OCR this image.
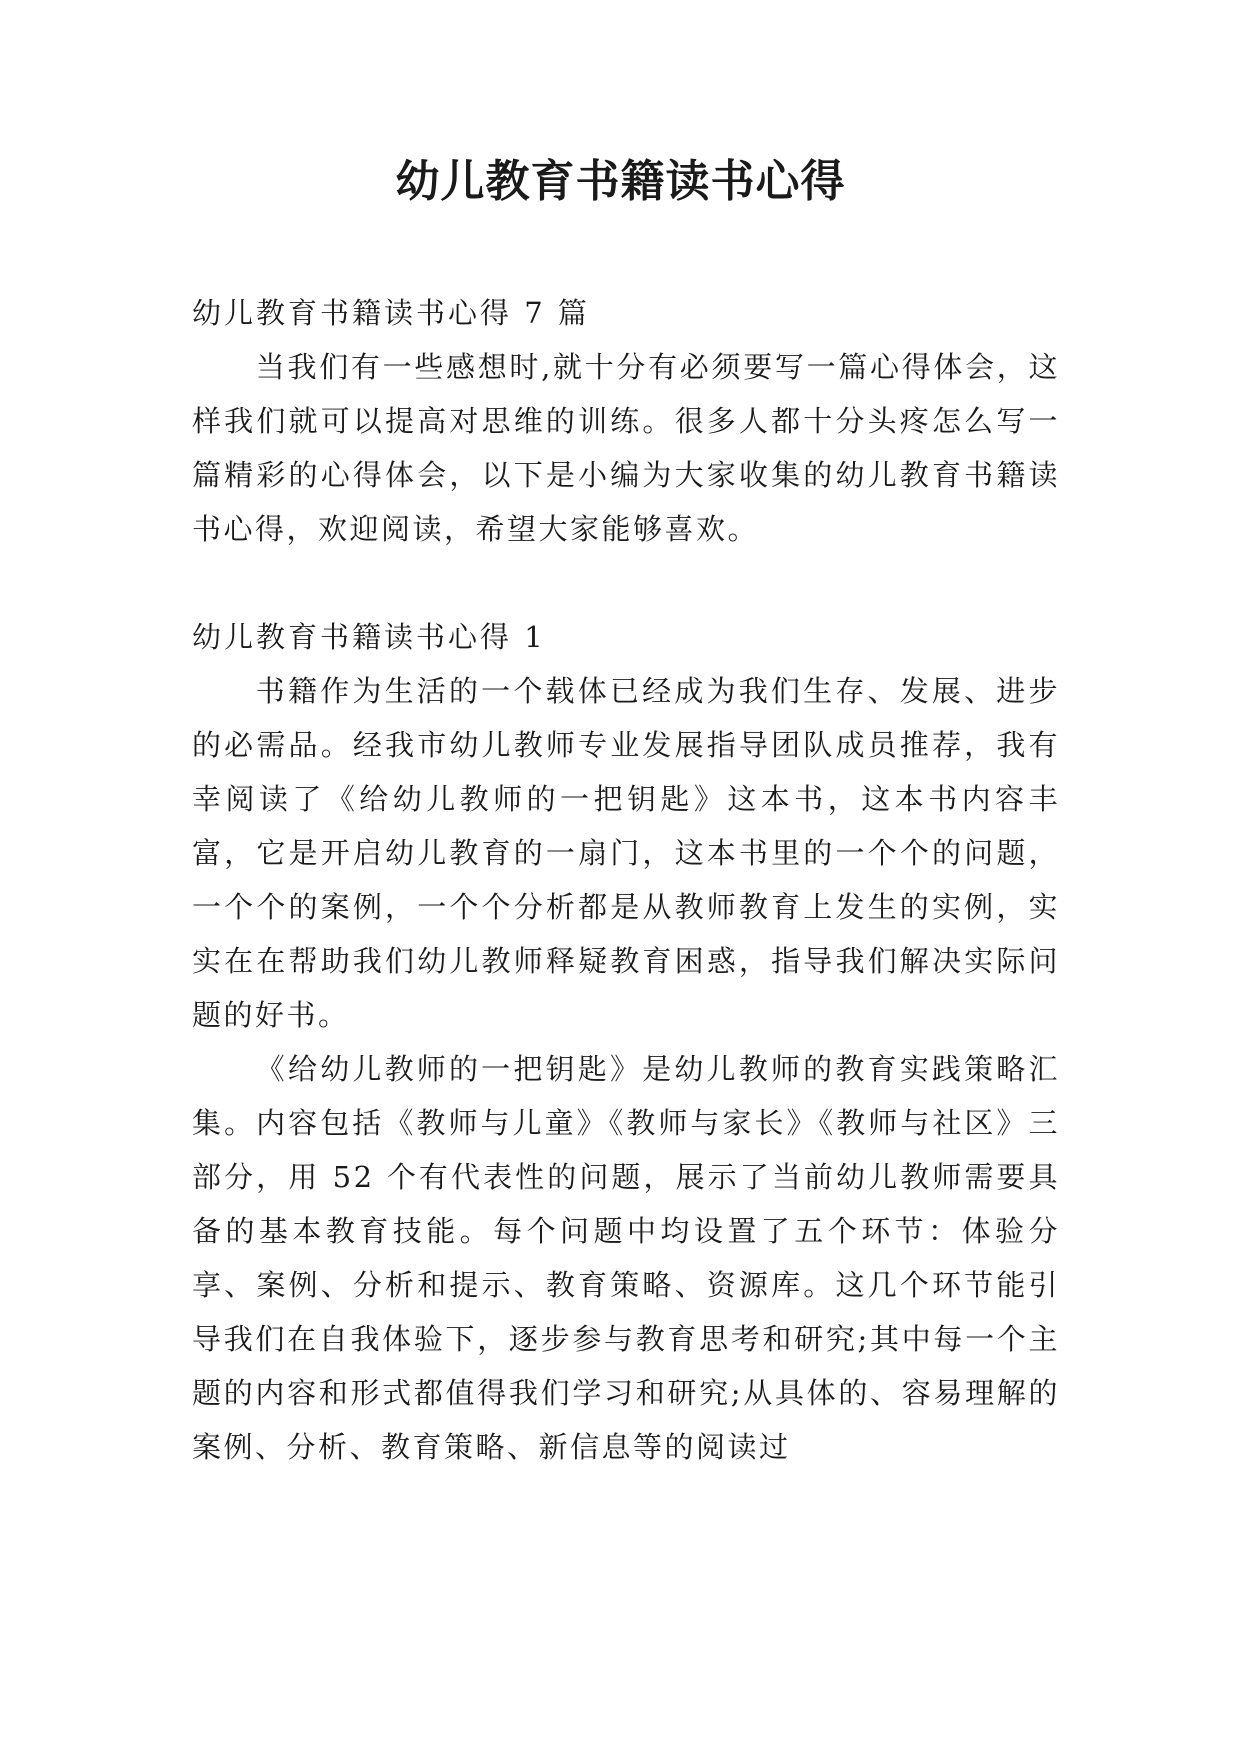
幼儿教育书籍读书心得

幼儿教育书籍读书心得 7 篇

当我们有一些感想时,就十分有必须要写一篇心得体会，这样我们就可以提高对思维的训练。很多人都十分头疼怎么写一篇精彩的心得体会，以下是小编为大家收集的幼儿教育书籍读书心得，欢迎阅读，希望大家能够喜欢。

幼儿教育书籍读书心得 1

书籍作为生活的一个载体已经成为我们生存、发展、进步的必需品。经我市幼儿教师专业发展指导团队成员推荐，我有幸阅读了《给幼儿教师的一把钥匙》这本书，这本书内容丰富，它是开启幼儿教育的一扇门，这本书里的一个个的问题，一个个的案例，一个个分析都是从教师教育上发生的实例，实实在在帮助我们幼儿教师释疑教育困惑，指导我们解决实际问题的好书。

《给幼儿教师的一把钥匙》是幼儿教师的教育实践策略汇集。内容包括《教师与儿童》《教师与家长》《教师与社区》三部分，用 52 个有代表性的问题，展示了当前幼儿教师需要具备的基本教育技能。每个问题中均设置了五个环节：体验分享、案例、分析和提示、教育策略、资源库。这几个环节能引导我们在自我体验下，逐步参与教育思考和研究;其中每一个主题的内容和形式都值得我们学习和研究;从具体的、容易理解的案例、分析、教育策略、新信息等的阅读过
